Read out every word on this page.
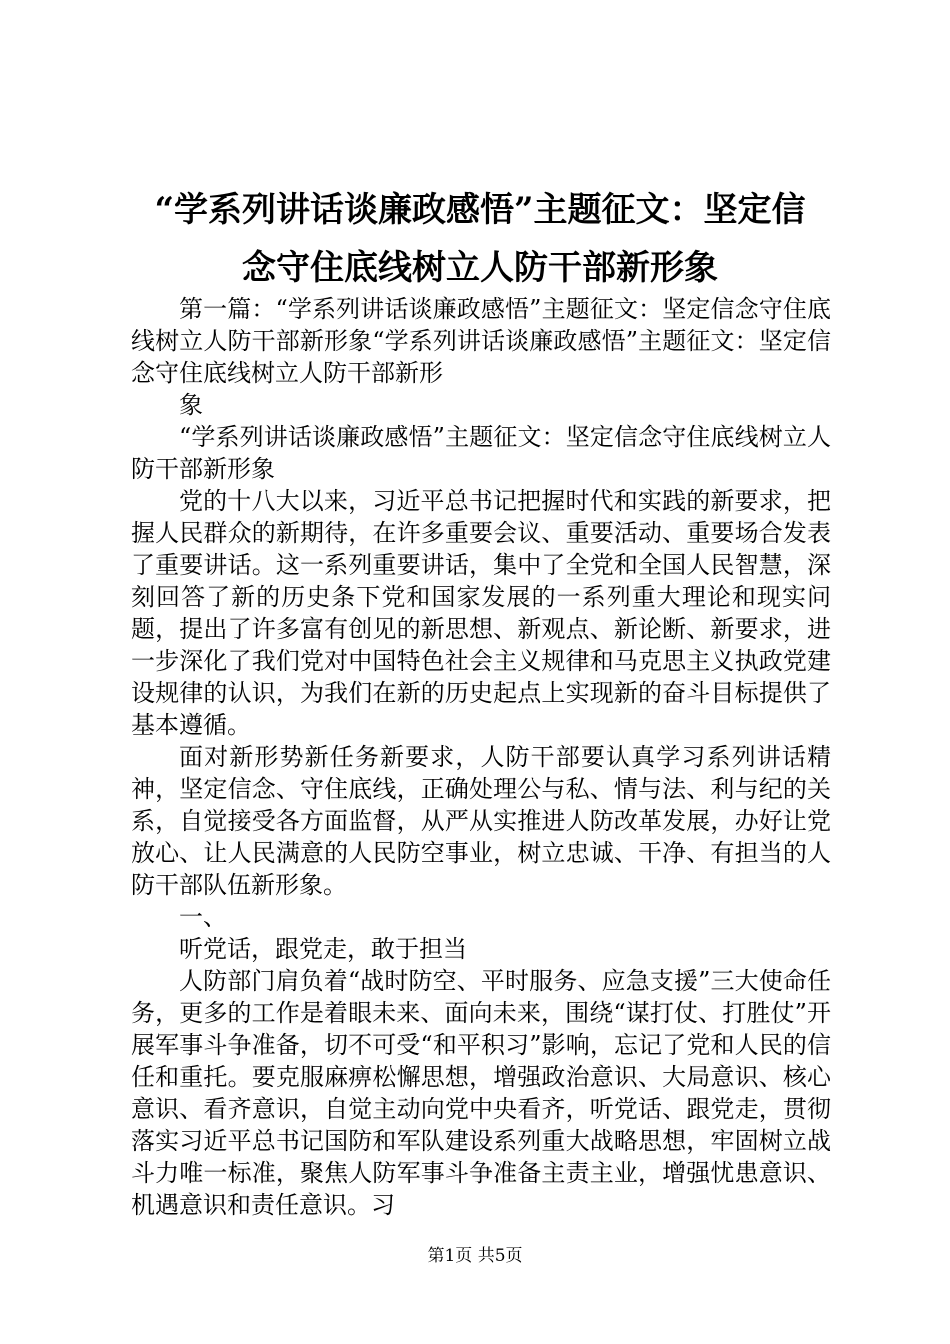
“学系列讲话谈廉政感悟”主题征文：坚定信
念守住底线树立人防干部新形象

第一篇：“学系列讲话谈廉政感悟”主题征文：坚定信念守住底线树立人防干部新形象“学系列讲话谈廉政感悟”主题征文：坚定信念守住底线树立人防干部新形

象

“学系列讲话谈廉政感悟”主题征文：坚定信念守住底线树立人防干部新形象

党的十八大以来，习近平总书记把握时代和实践的新要求，把握人民群众的新期待，在许多重要会议、重要活动、重要场合发表了重要讲话。这一系列重要讲话，集中了全党和全国人民智慧，深刻回答了新的历史条下党和国家发展的一系列重大理论和现实问题，提出了许多富有创见的新思想、新观点、新论断、新要求，进一步深化了我们党对中国特色社会主义规律和马克思主义执政党建设规律的认识，为我们在新的历史起点上实现新的奋斗目标提供了基本遵循。

面对新形势新任务新要求，人防干部要认真学习系列讲话精神，坚定信念、守住底线，正确处理公与私、情与法、利与纪的关系，自觉接受各方面监督，从严从实推进人防改革发展，办好让党放心、让人民满意的人民防空事业，树立忠诚、干净、有担当的人防干部队伍新形象。

一、

听党话，跟党走，敢于担当

人防部门肩负着“战时防空、平时服务、应急支援”三大使命任务，更多的工作是着眼未来、面向未来，围绕“谋打仗、打胜仗”开展军事斗争准备，切不可受“和平积习”影响，忘记了党和人民的信任和重托。要克服麻痹松懈思想，增强政治意识、大局意识、核心意识、看齐意识，自觉主动向党中央看齐，听党话、跟党走，贯彻落实习近平总书记国防和军队建设系列重大战略思想，牢固树立战斗力唯一标准，聚焦人防军事斗争准备主责主业，增强忧患意识、机遇意识和责任意识。习

第1页 共5页
